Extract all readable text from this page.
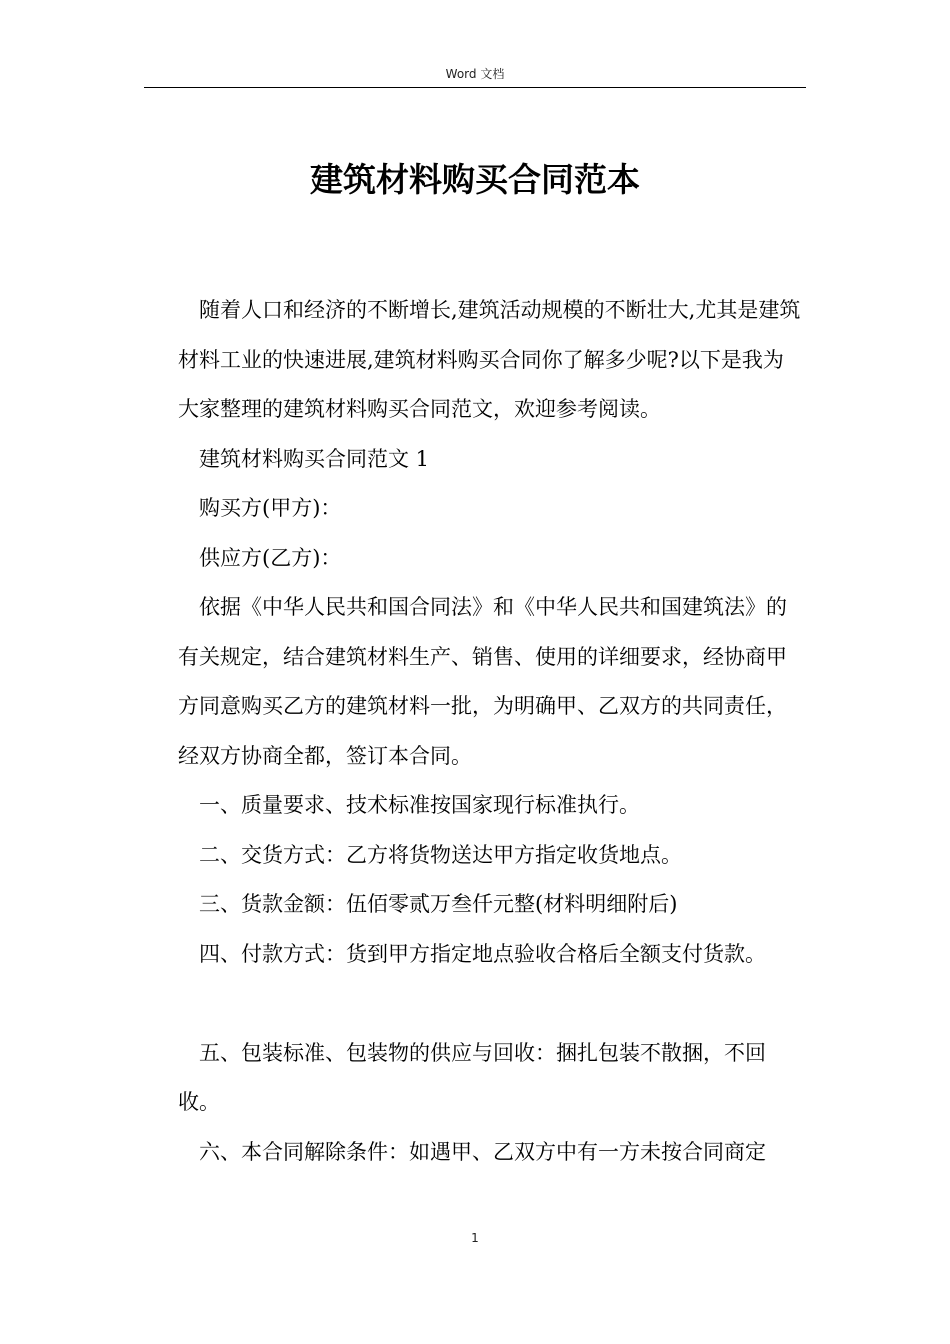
Word 文档
建筑材料购买合同范本

随着人口和经济的不断增长,建筑活动规模的不断壮大,尤其是建筑材料工业的快速进展,建筑材料购买合同你了解多少呢?以下是我为大家整理的建筑材料购买合同范文，欢迎参考阅读。

建筑材料购买合同范文 1

购买方(甲方)：

供应方(乙方)：

依据《中华人民共和国合同法》和《中华人民共和国建筑法》的有关规定，结合建筑材料生产、销售、使用的详细要求，经协商甲方同意购买乙方的建筑材料一批，为明确甲、乙双方的共同责任，经双方协商全都，签订本合同。

一、质量要求、技术标准按国家现行标准执行。

二、交货方式：乙方将货物送达甲方指定收货地点。

三、货款金额：伍佰零贰万叁仟元整(材料明细附后)

四、付款方式：货到甲方指定地点验收合格后全额支付货款。

五、包装标准、包装物的供应与回收：捆扎包装不散捆，不回收。

六、本合同解除条件：如遇甲、乙双方中有一方未按合同商定

1
